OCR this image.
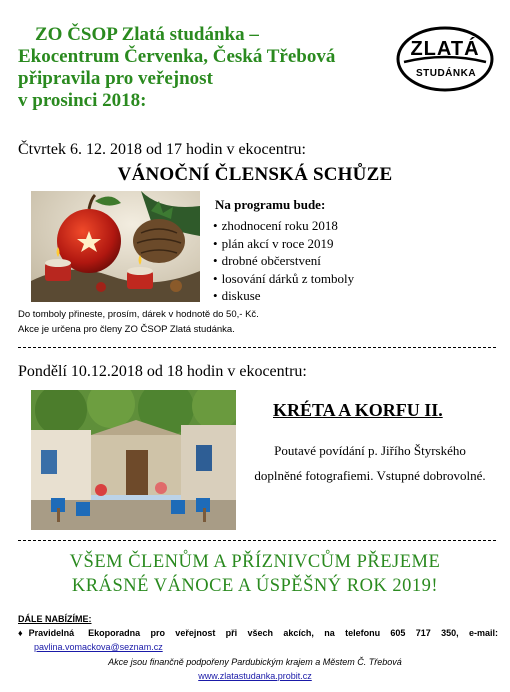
ZO ČSOP Zlatá studánka –
Ekocentrum Červenka, Česká Třebová
připravila pro veřejnost
v prosinci 2018:
ZLATÁ
STUDÁNKA
Čtvrtek 6. 12. 2018 od 17 hodin v ekocentru:
VÁNOČNÍ ČLENSKÁ SCHŮZE
Na programu bude:
• zhodnocení roku 2018
• plán akcí v roce 2019
• drobné občerstvení
• losování dárků z tomboly
• diskuse
Do tomboly přineste, prosím, dárek v hodnotě do 50,- Kč.
Akce je určena pro členy ZO ČSOP Zlatá studánka.
Pondělí 10.12.2018 od 18 hodin v ekocentru:
KRÉTA A KORFU II.
Poutavé povídání p. Jiřího Štyrského doplněné fotografiemi. Vstupné dobrovolné.
VŠEM ČLENŮM A PŘÍZNIVCŮM PŘEJEME
KRÁSNÉ VÁNOCE A ÚSPĚŠNÝ ROK 2019!
DÁLE NABÍZÍME:
♦ Pravidelná Ekoporadna pro veřejnost při všech akcích, na telefonu 605 717 350, e-mail:
pavlina.vomackova@seznam.cz
Akce jsou finančně podpořeny Pardubickým krajem a Městem Č. Třebová
www.zlatastudanka.probit.cz
